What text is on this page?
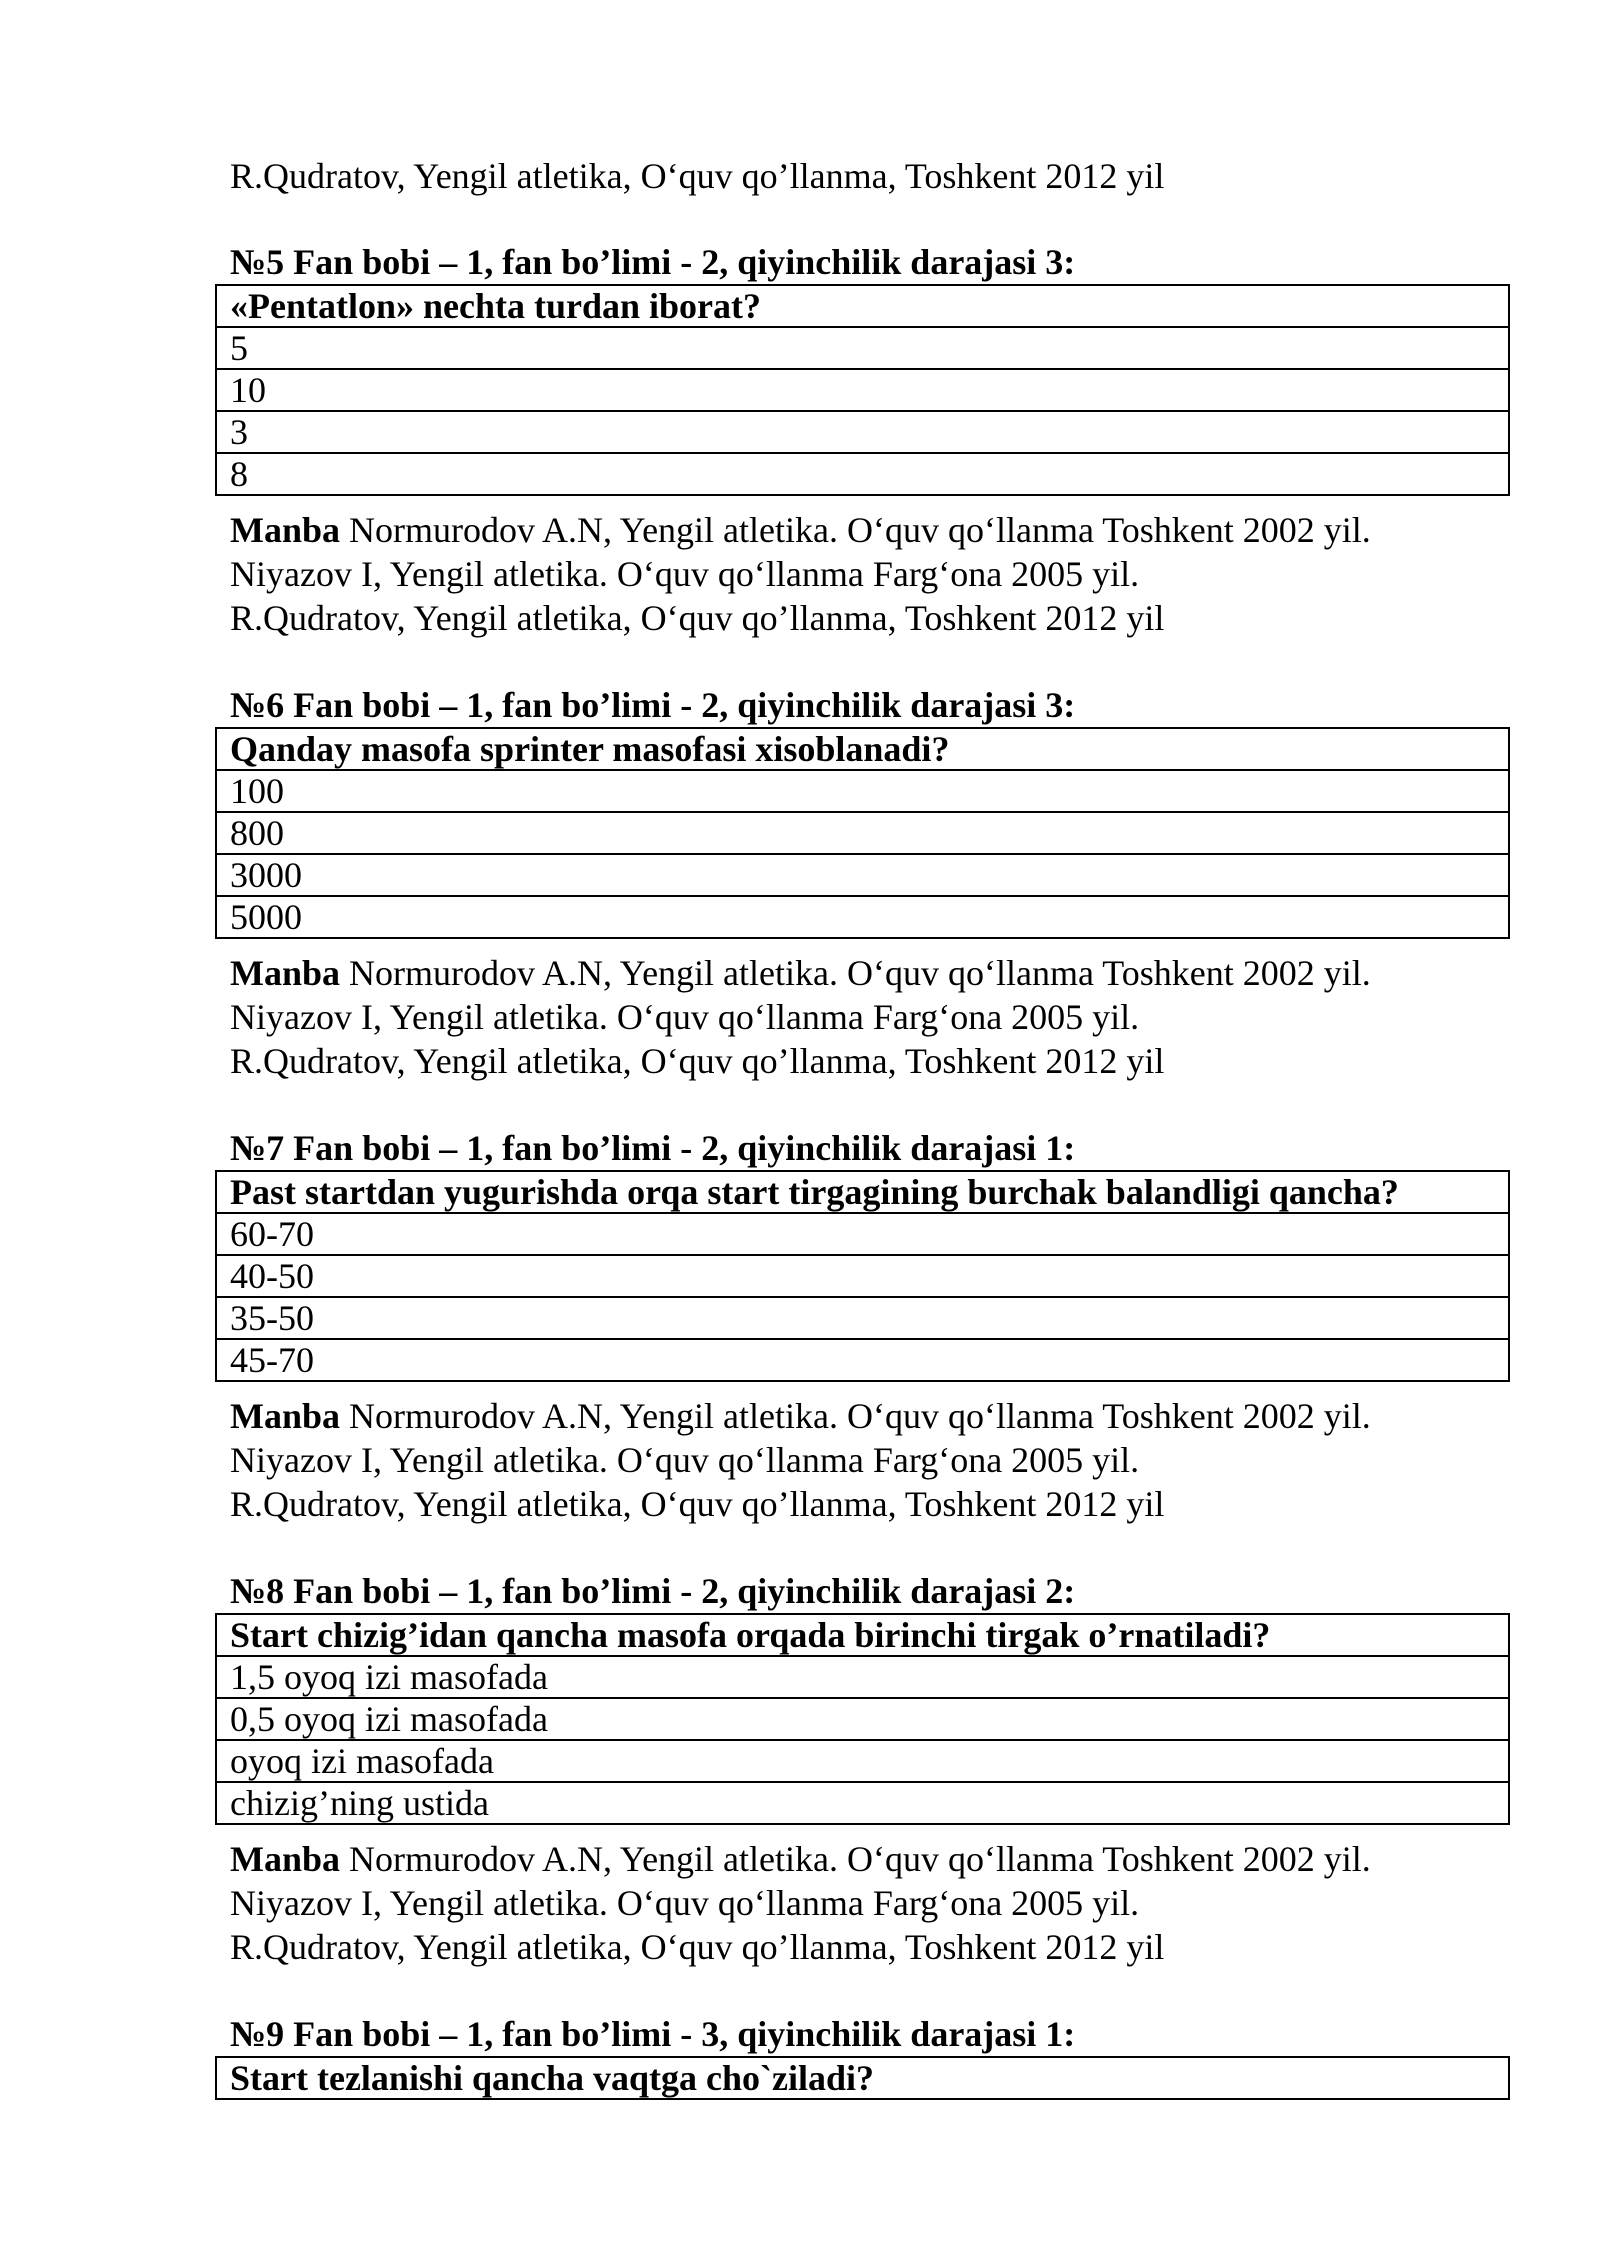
R.Qudratov, Yengil atletika, O‘quv qo’llanma, Toshkent 2012 yil
№5 Fan bobi – 1, fan bo’limi - 2, qiyinchilik darajasi 3:
«Pentatlon» nechta turdan iborat?
5
10
3
8
Manba Normurodov A.N, Yengil atletika. O‘quv qo‘llanma Toshkent 2002 yil.
Niyazov I, Yengil atletika. O‘quv qo‘llanma Farg‘ona 2005 yil.
R.Qudratov, Yengil atletika, O‘quv qo’llanma, Toshkent 2012 yil
№6 Fan bobi – 1, fan bo’limi - 2, qiyinchilik darajasi 3:
Qanday masofa sprinter masofasi xisoblanadi?
100
800
3000
5000
Manba Normurodov A.N, Yengil atletika. O‘quv qo‘llanma Toshkent 2002 yil.
Niyazov I, Yengil atletika. O‘quv qo‘llanma Farg‘ona 2005 yil.
R.Qudratov, Yengil atletika, O‘quv qo’llanma, Toshkent 2012 yil
№7 Fan bobi – 1, fan bo’limi - 2, qiyinchilik darajasi 1:
Past startdan yugurishda orqa start tirgagining burchak balandligi qancha?
60-70
40-50
35-50
45-70
Manba Normurodov A.N, Yengil atletika. O‘quv qo‘llanma Toshkent 2002 yil.
Niyazov I, Yengil atletika. O‘quv qo‘llanma Farg‘ona 2005 yil.
R.Qudratov, Yengil atletika, O‘quv qo’llanma, Toshkent 2012 yil
№8 Fan bobi – 1, fan bo’limi - 2, qiyinchilik darajasi 2:
Start chizig’idan qancha masofa orqada birinchi tirgak o’rnatiladi?
1,5 oyoq izi masofada
0,5 oyoq izi masofada
oyoq izi masofada
chizig’ning ustida
Manba Normurodov A.N, Yengil atletika. O‘quv qo‘llanma Toshkent 2002 yil.
Niyazov I, Yengil atletika. O‘quv qo‘llanma Farg‘ona 2005 yil.
R.Qudratov, Yengil atletika, O‘quv qo’llanma, Toshkent 2012 yil
№9 Fan bobi – 1, fan bo’limi - 3, qiyinchilik darajasi 1:
Start tezlanishi qancha vaqtga cho`ziladi?
